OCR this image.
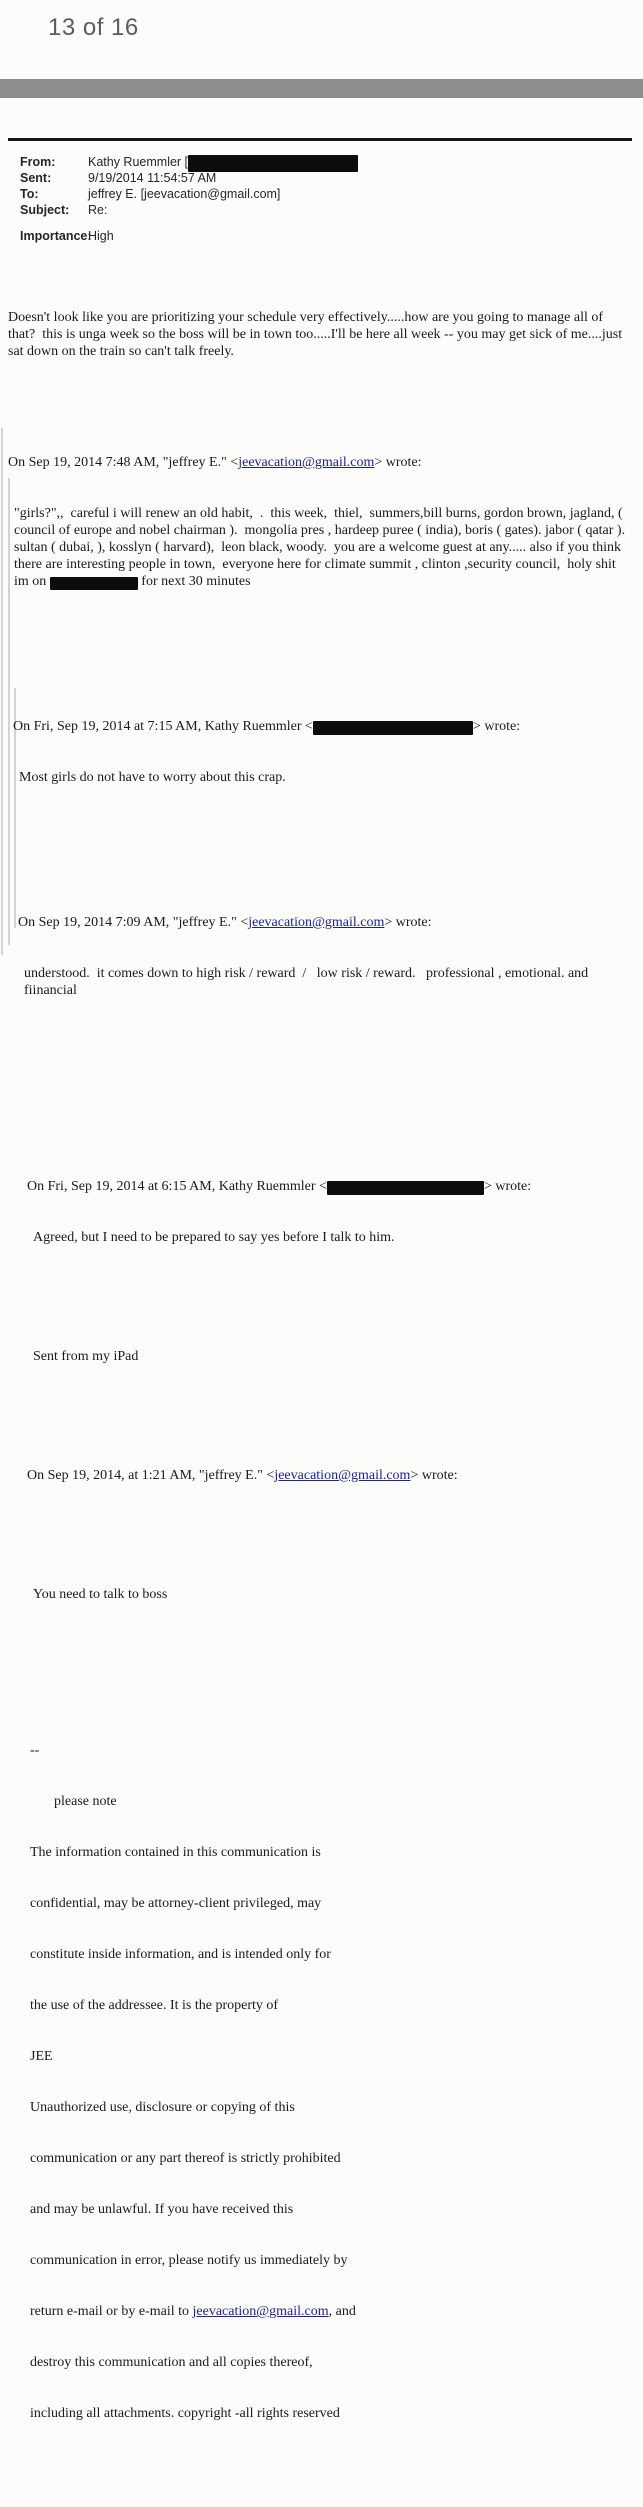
13 of 16
From:	Kathy Ruemmler [
Sent:	9/19/2014 11:54:57 AM
To:	jeffrey E. [jeevacation@gmail.com]
Subject:	Re:
Importance:
High

Doesn't look like you are prioritizing your schedule very effectively.....how are you going to manage all of that?  this is unga week so the boss will be in town too.....I'll be here all week -- you may get sick of me....just sat down on the train so can't talk freely.

On Sep 19, 2014 7:48 AM, "jeffrey E." <jeevacation@gmail.com> wrote:

"girls?",,  careful i will renew an old habit,  .  this week,  thiel,  summers,bill burns, gordon brown, jagland, ( council of europe and nobel chairman ).  mongolia pres , hardeep puree ( india), boris ( gates). jabor ( qatar ).  sultan ( dubai, ), kosslyn ( harvard),  leon black, woody.  you are a welcome guest at any..... also if you think there are interesting people in town,  everyone here for climate summit , clinton ,security council,  holy shit  im on	for next 30 minutes

On Fri, Sep 19, 2014 at 7:15 AM, Kathy Ruemmler <	> wrote:

Most girls do not have to worry about this crap.

On Sep 19, 2014 7:09 AM, "jeffrey E." <jeevacation@gmail.com> wrote:

understood.  it comes down to high risk / reward  /   low risk / reward.   professional , emotional. and fiinancial

On Fri, Sep 19, 2014 at 6:15 AM, Kathy Ruemmler <	> wrote:

Agreed, but I need to be prepared to say yes before I talk to him.

Sent from my iPad

On Sep 19, 2014, at 1:21 AM, "jeffrey E." <jeevacation@gmail.com> wrote:

You need to talk to boss

--

please note

The information contained in this communication is

confidential, may be attorney-client privileged, may

constitute inside information, and is intended only for

the use of the addressee. It is the property of

JEE

Unauthorized use, disclosure or copying of this

communication or any part thereof is strictly prohibited

and may be unlawful. If you have received this

communication in error, please notify us immediately by

return e-mail or by e-mail to jeevacation@gmail.com, and

destroy this communication and all copies thereof,

including all attachments. copyright -all rights reserved
